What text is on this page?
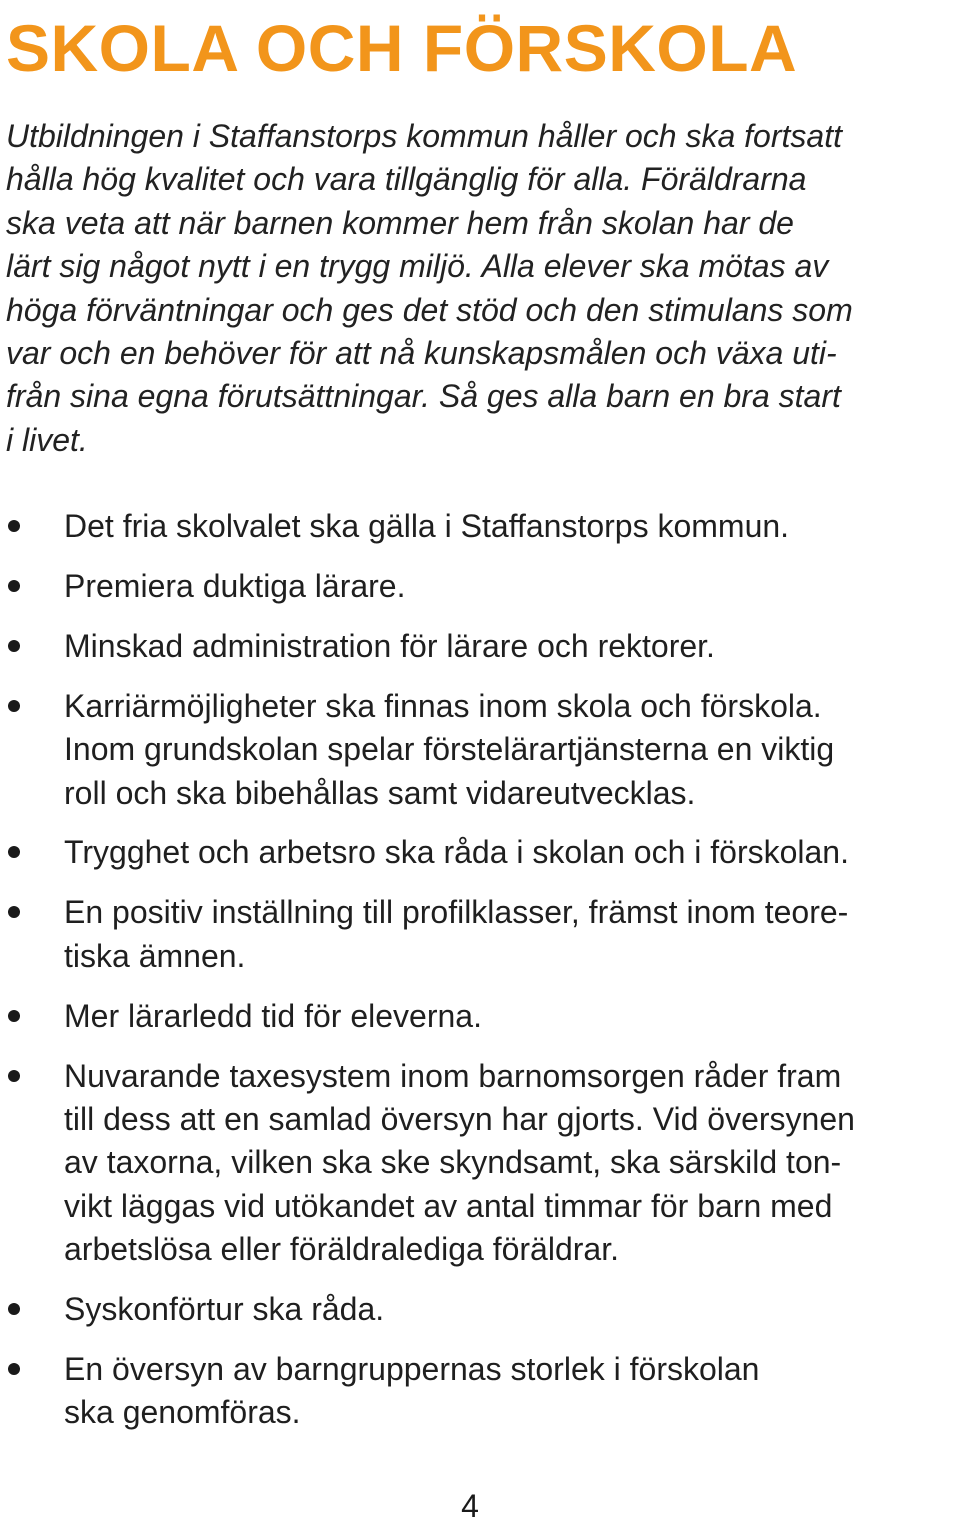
SKOLA OCH FÖRSKOLA

Utbildningen i Staffanstorps kommun håller och ska fortsatt
hålla hög kvalitet och vara tillgänglig för alla. Föräldrarna
ska veta att när barnen kommer hem från skolan har de
lärt sig något nytt i en trygg miljö. Alla elever ska mötas av
höga förväntningar och ges det stöd och den stimulans som
var och en behöver för att nå kunskapsmålen och växa uti-
från sina egna förutsättningar. Så ges alla barn en bra start
i livet.

Det fria skolvalet ska gälla i Staffanstorps kommun.
Premiera duktiga lärare.
Minskad administration för lärare och rektorer.
Karriärmöjligheter ska finnas inom skola och förskola.
Inom grundskolan spelar förstelärartjänsterna en viktig
roll och ska bibehållas samt vidareutvecklas.
Trygghet och arbetsro ska råda i skolan och i förskolan.
En positiv inställning till profilklasser, främst inom teore-
tiska ämnen.
Mer lärarledd tid för eleverna.
Nuvarande taxesystem inom barnomsorgen råder fram
till dess att en samlad översyn har gjorts. Vid översynen
av taxorna, vilken ska ske skyndsamt, ska särskild ton-
vikt läggas vid utökandet av antal timmar för barn med
arbetslösa eller föräldralediga föräldrar.
Syskonförtur ska råda.
En översyn av barngruppernas storlek i förskolan
ska genomföras.
4
